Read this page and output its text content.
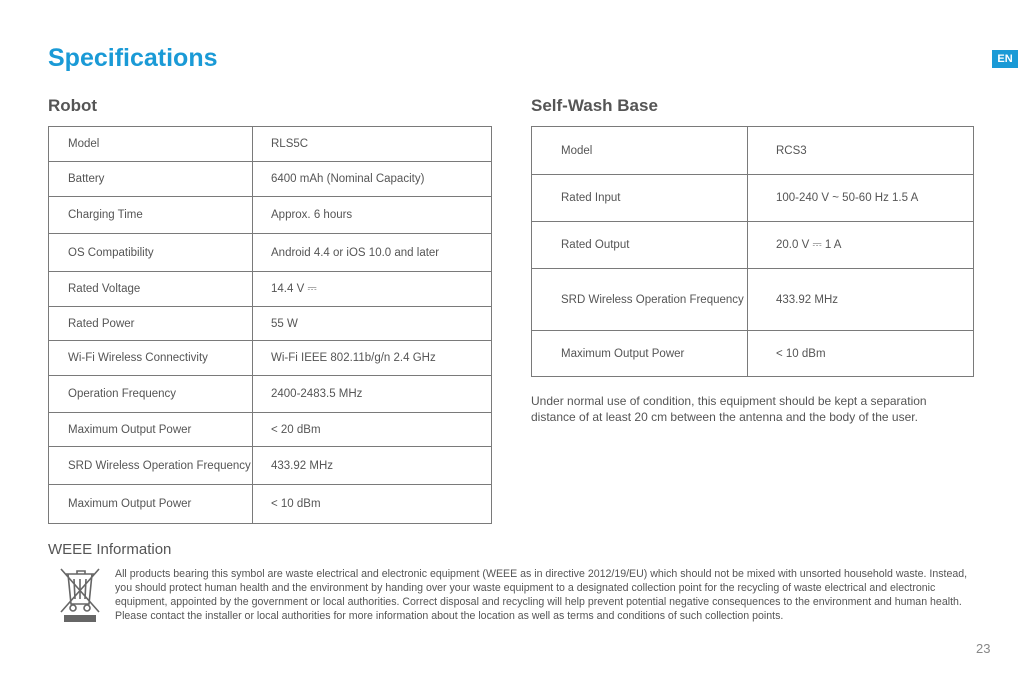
Specifications	EN
Robot
Model	RLS5C
Battery	6400 mAh (Nominal Capacity)
Charging Time	Approx. 6 hours
OS Compatibility	Android 4.4 or iOS 10.0 and later
Rated Voltage	14.4 V ⎓
Rated Power	55 W
Wi-Fi Wireless Connectivity	Wi-Fi IEEE 802.11b/g/n 2.4 GHz
Operation Frequency	2400-2483.5 MHz
Maximum Output Power	< 20 dBm
SRD Wireless Operation Frequency	433.92 MHz
Maximum Output Power	< 10 dBm
Self-Wash Base
Model	RCS3
Rated Input	100-240 V ~ 50-60 Hz 1.5 A
Rated Output	20.0 V ⎓ 1 A
SRD Wireless Operation Frequency	433.92 MHz
Maximum Output Power	< 10 dBm
Under normal use of condition, this equipment should be kept a separation distance of at least 20 cm between the antenna and the body of the user.
WEEE Information
All products bearing this symbol are waste electrical and electronic equipment (WEEE as in directive 2012/19/EU) which should not be mixed with unsorted household waste. Instead, you should protect human health and the environment by handing over your waste equipment to a designated collection point for the recycling of waste electrical and electronic equipment, appointed by the government or local authorities. Correct disposal and recycling will help prevent potential negative consequences to the environment and human health. Please contact the installer or local authorities for more information about the location as well as terms and conditions of such collection points.
23
